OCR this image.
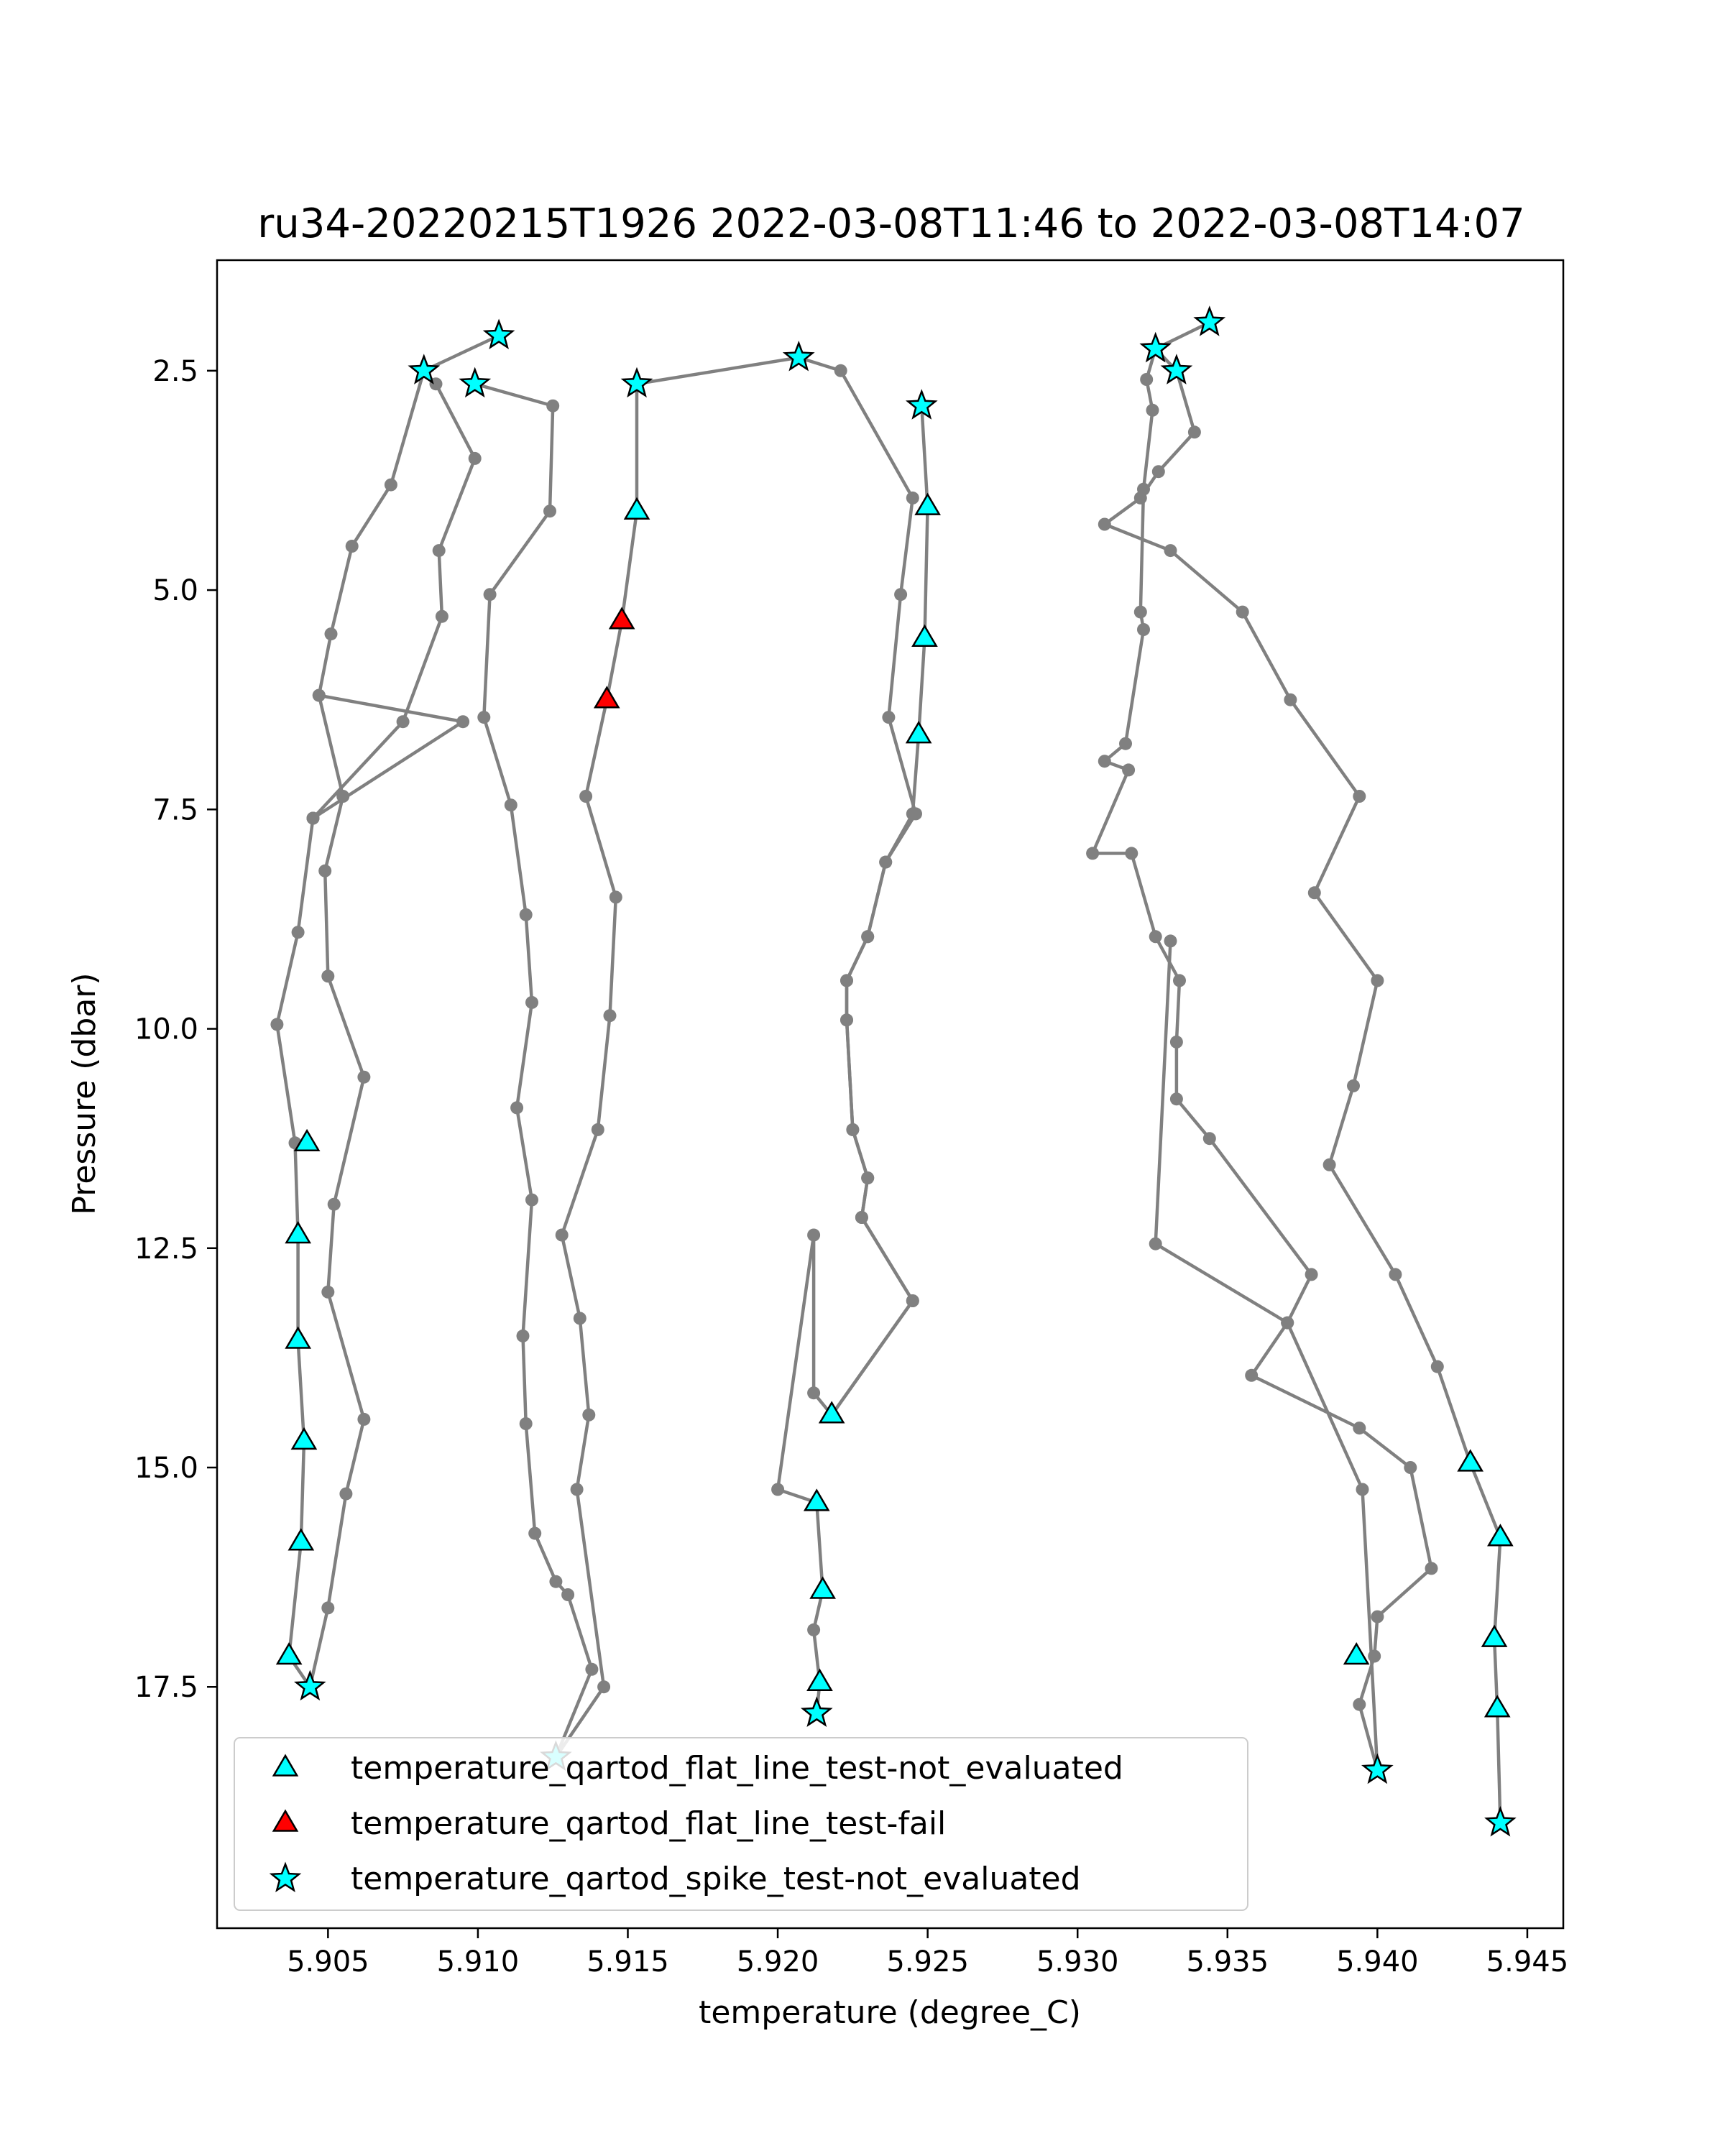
ru34-20220215T1926 2022-03-08T11:46 to 2022-03-08T14:07
5.905 5.910 5.915 5.920 5.925 5.930 5.935 5.940 5.945
2.5
5.0
7.5
10.0
12.5
15.0
17.5
temperature (degree_C)
Pressure (dbar)
temperature_qartod_flat_line_test-not_evaluated
temperature_qartod_flat_line_test-fail
temperature_qartod_spike_test-not_evaluated
